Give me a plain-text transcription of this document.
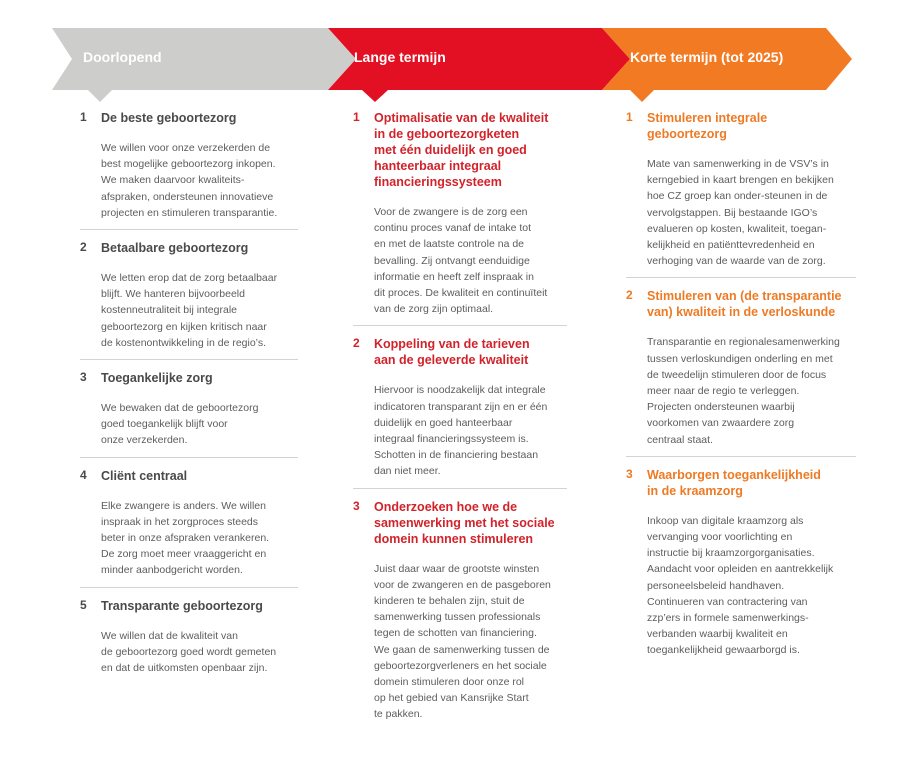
Doorlopend	Lange termijn	Korte termijn (tot 2025)
1 De beste geboortezorg
We willen voor onze verzekerden de
best mogelijke geboortezorg inkopen.
We maken daarvoor kwaliteits-
afspraken, ondersteunen innovatieve
projecten en stimuleren transparantie.
2 Betaalbare geboortezorg
We letten erop dat de zorg betaalbaar
blijft. We hanteren bijvoorbeeld
kostenneutraliteit bij integrale
geboortezorg en kijken kritisch naar
de kostenontwikkeling in de regio’s.
3 Toegankelijke zorg
We bewaken dat de geboortezorg
goed toegankelijk blijft voor
onze verzekerden.
4 Cliënt centraal
Elke zwangere is anders. We willen
inspraak in het zorgproces steeds
beter in onze afspraken verankeren.
De zorg moet meer vraaggericht en
minder aanbodgericht worden.
5 Transparante geboortezorg
We willen dat de kwaliteit van
de geboortezorg goed wordt gemeten
en dat de uitkomsten openbaar zijn.
1 Optimalisatie van de kwaliteit
in de geboortezorgketen
met één duidelijk en goed
hanteerbaar integraal
financieringssysteem
Voor de zwangere is de zorg een
continu proces vanaf de intake tot
en met de laatste controle na de
bevalling. Zij ontvangt eenduidige
informatie en heeft zelf inspraak in
dit proces. De kwaliteit en continuïteit
van de zorg zijn optimaal.
2 Koppeling van de tarieven
aan de geleverde kwaliteit
Hiervoor is noodzakelijk dat integrale
indicatoren transparant zijn en er één
duidelijk en goed hanteerbaar
integraal financieringssysteem is.
Schotten in de financiering bestaan
dan niet meer.
3 Onderzoeken hoe we de
samenwerking met het sociale
domein kunnen stimuleren
Juist daar waar de grootste winsten
voor de zwangeren en de pasgeboren
kinderen te behalen zijn, stuit de
samenwerking tussen professionals
tegen de schotten van financiering.
We gaan de samenwerking tussen de
geboortezorgverleners en het sociale
domein stimuleren door onze rol
op het gebied van Kansrijke Start
te pakken.
1 Stimuleren integrale
geboortezorg
Mate van samenwerking in de VSV’s in
kerngebied in kaart brengen en bekijken
hoe CZ groep kan onder-steunen in de
vervolgstappen. Bij bestaande IGO’s
evalueren op kosten, kwaliteit, toegan-
kelijkheid en patiënttevredenheid en
verhoging van de waarde van de zorg.
2 Stimuleren van (de transparantie
van) kwaliteit in de verloskunde
Transparantie en regionalesamenwerking
tussen verloskundigen onderling en met
de tweedelijn stimuleren door de focus
meer naar de regio te verleggen.
Projecten ondersteunen waarbij
voorkomen van zwaardere zorg
centraal staat.
3 Waarborgen toegankelijkheid
in de kraamzorg
Inkoop van digitale kraamzorg als
vervanging voor voorlichting en
instructie bij kraamzorgorganisaties.
Aandacht voor opleiden en aantrekkelijk
personeelsbeleid handhaven.
Continueren van contractering van
zzp’ers in formele samenwerkings-
verbanden waarbij kwaliteit en
toegankelijkheid gewaarborgd is.
